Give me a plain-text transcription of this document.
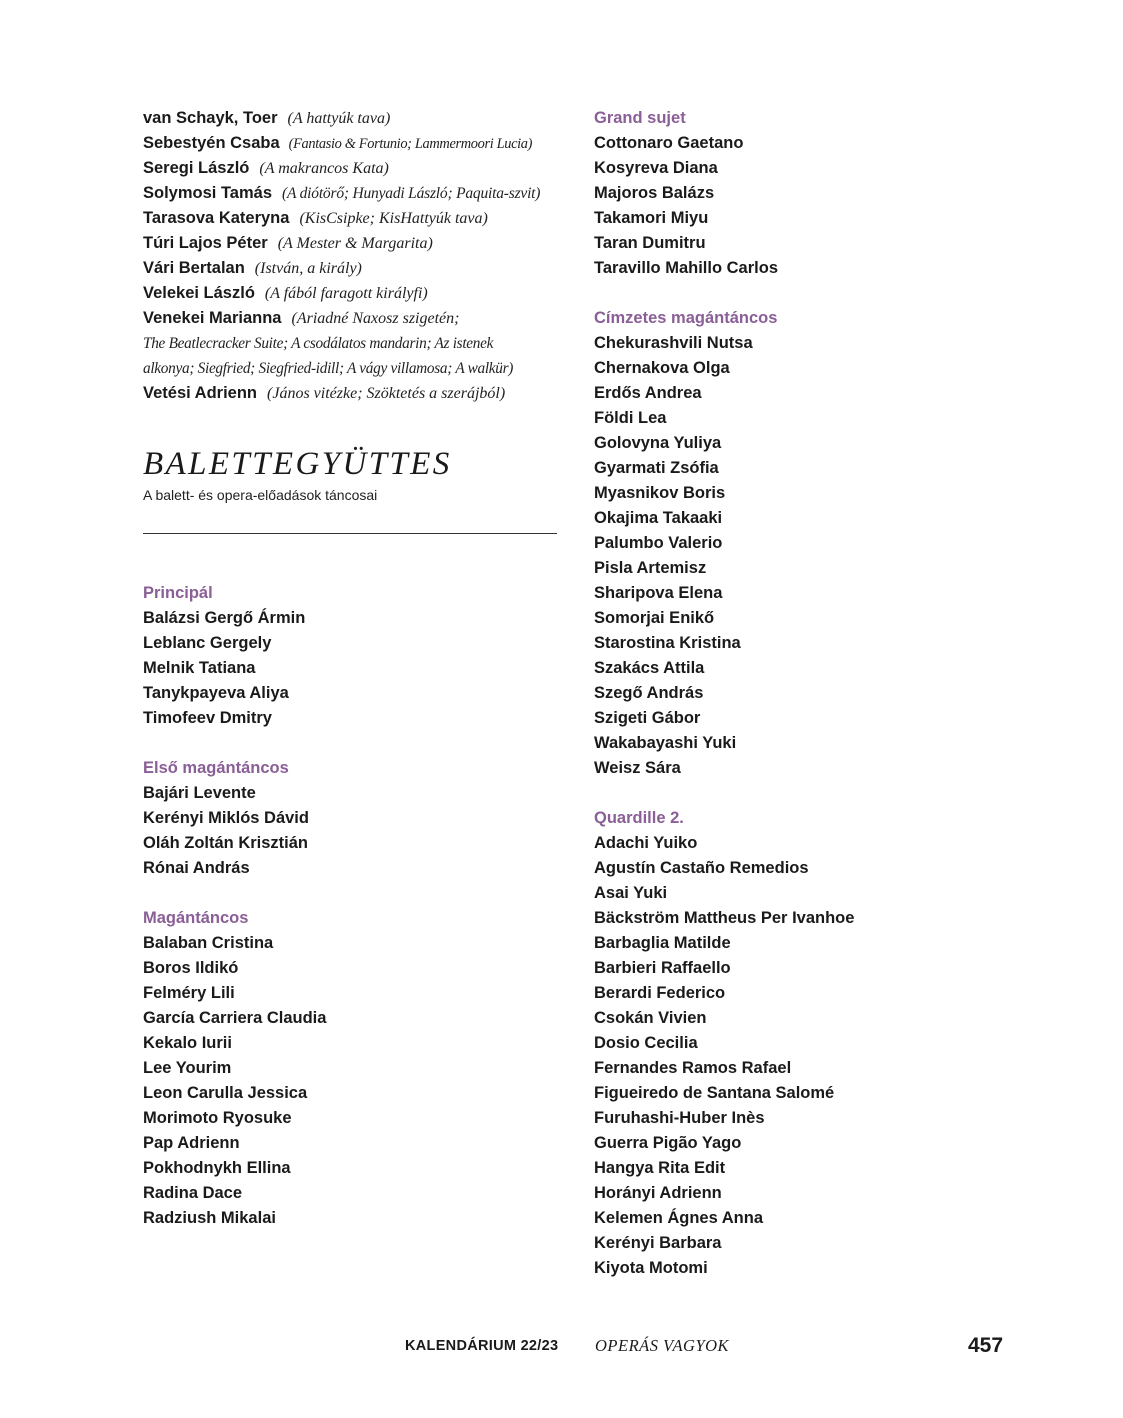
van Schayk, Toer (A hattyúk tava)
Sebestyén Csaba (Fantasio & Fortunio; Lammermoori Lucia)
Seregi László (A makrancos Kata)
Solymosi Tamás (A diótörő; Hunyadi László; Paquita-szvit)
Tarasova Kateryna (KisCsipke; KisHattyúk tava)
Túri Lajos Péter (A Mester & Margarita)
Vári Bertalan (István, a király)
Velekei László (A fából faragott királyfi)
Venekei Marianna (Ariadné Naxosz szigetén;
The Beatlecracker Suite; A csodálatos mandarin; Az istenek
alkonya; Siegfried; Siegfried-idill; A vágy villamosa; A walkür)
Vetési Adrienn (János vitézke; Szöktetés a szerájból)
BALETTEGYÜTTES
A balett- és opera-előadások táncosai
Principál
Balázsi Gergő Ármin
Leblanc Gergely
Melnik Tatiana
Tanykpayeva Aliya
Timofeev Dmitry
Első magántáncos
Bajári Levente
Kerényi Miklós Dávid
Oláh Zoltán Krisztián
Rónai András
Magántáncos
Balaban Cristina
Boros Ildikó
Felméry Lili
García Carriera Claudia
Kekalo Iurii
Lee Yourim
Leon Carulla Jessica
Morimoto Ryosuke
Pap Adrienn
Pokhodnykh Ellina
Radina Dace
Radziush Mikalai
Grand sujet
Cottonaro Gaetano
Kosyreva Diana
Majoros Balázs
Takamori Miyu
Taran Dumitru
Taravillo Mahillo Carlos
Címzetes magántáncos
Chekurashvili Nutsa
Chernakova Olga
Erdős Andrea
Földi Lea
Golovyna Yuliya
Gyarmati Zsófia
Myasnikov Boris
Okajima Takaaki
Palumbo Valerio
Pisla Artemisz
Sharipova Elena
Somorjai Enikő
Starostina Kristina
Szakács Attila
Szegő András
Szigeti Gábor
Wakabayashi Yuki
Weisz Sára
Quardille 2.
Adachi Yuiko
Agustín Castaño Remedios
Asai Yuki
Bäckström Mattheus Per Ivanhoe
Barbaglia Matilde
Barbieri Raffaello
Berardi Federico
Csokán Vivien
Dosio Cecilia
Fernandes Ramos Rafael
Figueiredo de Santana Salomé
Furuhashi-Huber Inès
Guerra Pigão Yago
Hangya Rita Edit
Horányi Adrienn
Kelemen Ágnes Anna
Kerényi Barbara
Kiyota Motomi
KALENDÁRIUM 22/23 OPERÁS VAGYOK	457
